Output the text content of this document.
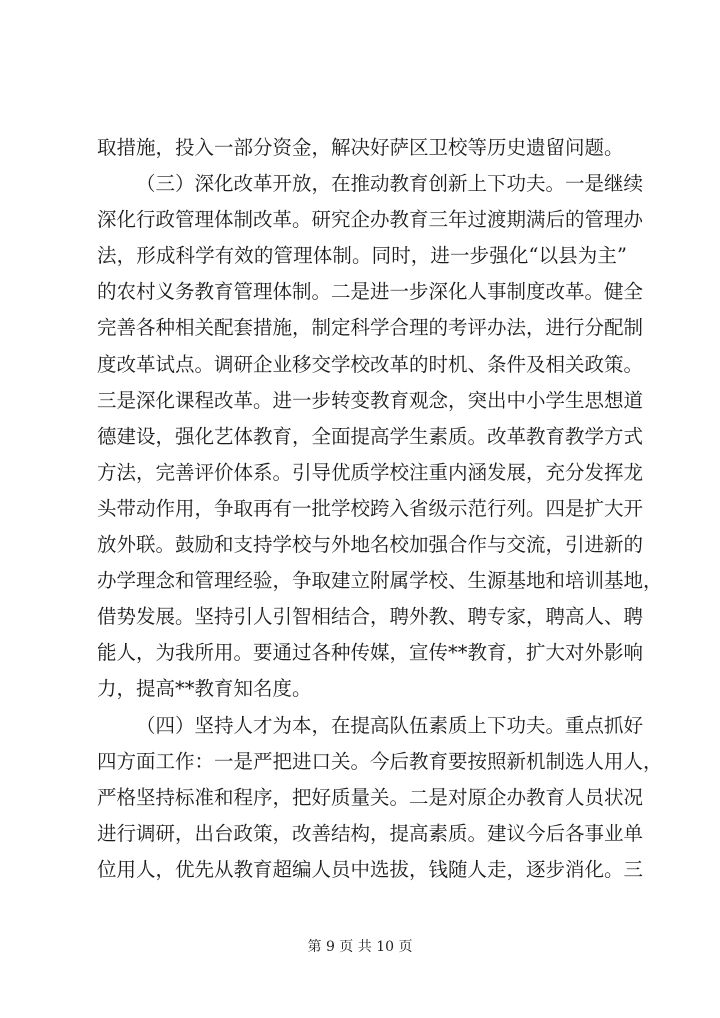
取措施，投入一部分资金，解决好萨区卫校等历史遗留问题。
（三）深化改革开放，在推动教育创新上下功夫。一是继续
深化行政管理体制改革。研究企办教育三年过渡期满后的管理办
法，形成科学有效的管理体制。同时，进一步强化“以县为主”
的农村义务教育管理体制。二是进一步深化人事制度改革。健全
完善各种相关配套措施，制定科学合理的考评办法，进行分配制
度改革试点。调研企业移交学校改革的时机、条件及相关政策。
三是深化课程改革。进一步转变教育观念，突出中小学生思想道
德建设，强化艺体教育，全面提高学生素质。改革教育教学方式
方法，完善评价体系。引导优质学校注重内涵发展，充分发挥龙
头带动作用，争取再有一批学校跨入省级示范行列。四是扩大开
放外联。鼓励和支持学校与外地名校加强合作与交流，引进新的
办学理念和管理经验，争取建立附属学校、生源基地和培训基地，
借势发展。坚持引人引智相结合，聘外教、聘专家，聘高人、聘
能人，为我所用。要通过各种传媒，宣传**教育，扩大对外影响
力，提高**教育知名度。
（四）坚持人才为本，在提高队伍素质上下功夫。重点抓好
四方面工作：一是严把进口关。今后教育要按照新机制选人用人，
严格坚持标准和程序，把好质量关。二是对原企办教育人员状况
进行调研，出台政策，改善结构，提高素质。建议今后各事业单
位用人，优先从教育超编人员中选拔，钱随人走，逐步消化。三
第 9 页 共 10 页
